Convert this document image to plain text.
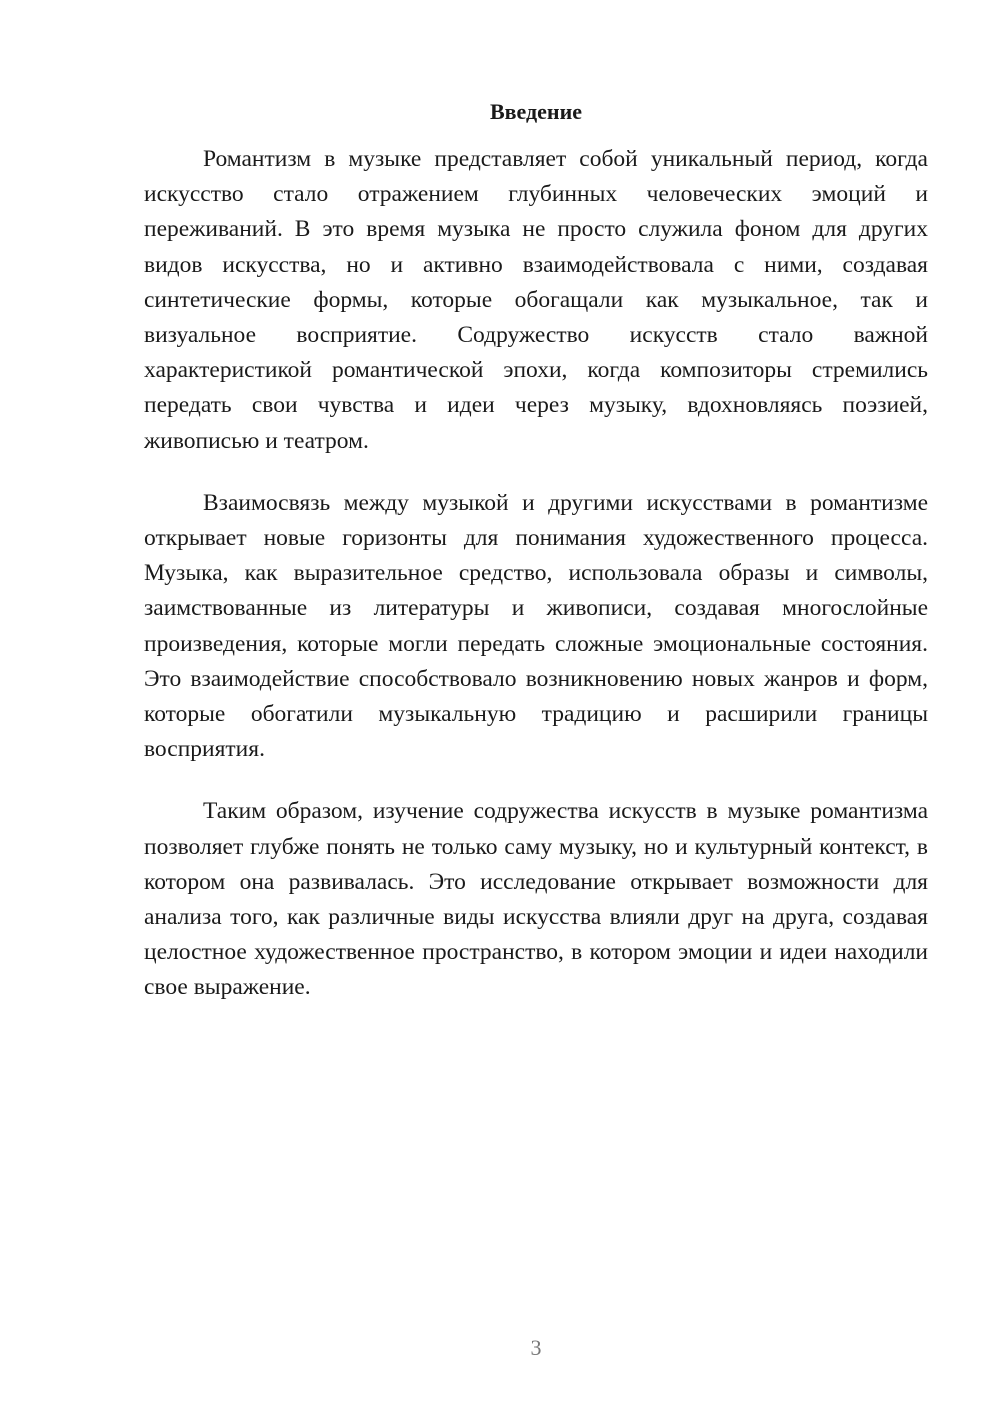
Введение

Романтизм в музыке представляет собой уникальный период, когда искусство стало отражением глубинных человеческих эмоций и переживаний. В это время музыка не просто служила фоном для других видов искусства, но и активно взаимодействовала с ними, создавая синтетические формы, которые обогащали как музыкальное, так и визуальное восприятие. Содружество искусств стало важной характеристикой романтической эпохи, когда композиторы стремились передать свои чувства и идеи через музыку, вдохновляясь поэзией, живописью и театром.

Взаимосвязь между музыкой и другими искусствами в романтизме открывает новые горизонты для понимания художественного процесса. Музыка, как выразительное средство, использовала образы и символы, заимствованные из литературы и живописи, создавая многослойные произведения, которые могли передать сложные эмоциональные состояния. Это взаимодействие способствовало возникновению новых жанров и форм, которые обогатили музыкальную традицию и расширили границы восприятия.

Таким образом, изучение содружества искусств в музыке романтизма позволяет глубже понять не только саму музыку, но и культурный контекст, в котором она развивалась. Это исследование открывает возможности для анализа того, как различные виды искусства влияли друг на друга, создавая целостное художественное пространство, в котором эмоции и идеи находили свое выражение.

3
